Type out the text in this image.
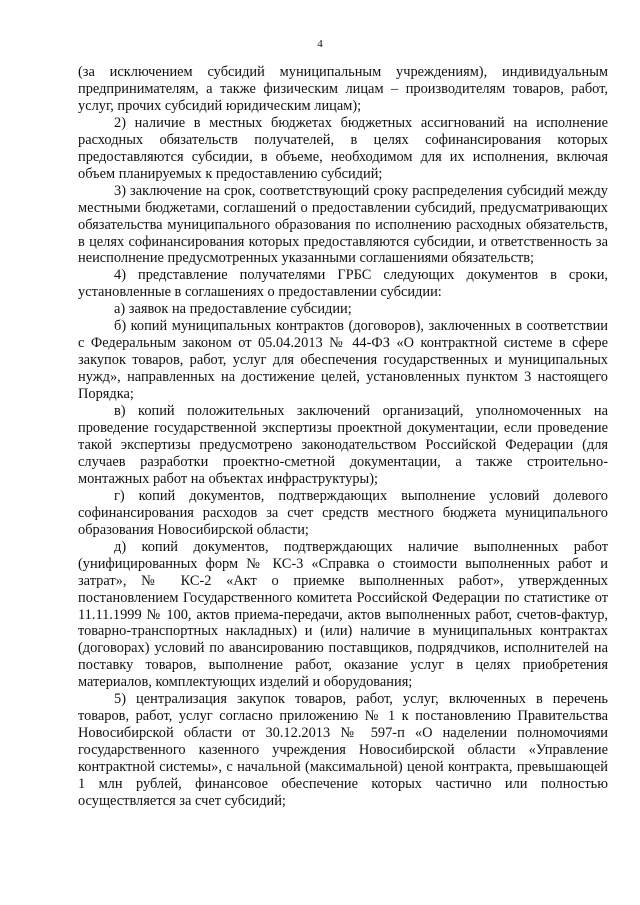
4

(за исключением субсидий муниципальным учреждениям), индивидуальным предпринимателям, а также физическим лицам – производителям товаров, работ, услуг, прочих субсидий юридическим лицам);

2) наличие в местных бюджетах бюджетных ассигнований на исполнение расходных обязательств получателей, в целях софинансирования которых предоставляются субсидии, в объеме, необходимом для их исполнения, включая объем планируемых к предоставлению субсидий;

3) заключение на срок, соответствующий сроку распределения субсидий между местными бюджетами, соглашений о предоставлении субсидий, предусматривающих обязательства муниципального образования по исполнению расходных обязательств, в целях софинансирования которых предоставляются субсидии, и ответственность за неисполнение предусмотренных указанными соглашениями обязательств;

4) представление получателями ГРБС следующих документов в сроки, установленные в соглашениях о предоставлении субсидии:

а) заявок на предоставление субсидии;

б) копий муниципальных контрактов (договоров), заключенных в соответствии с Федеральным законом от 05.04.2013 № 44-ФЗ «О контрактной системе в сфере закупок товаров, работ, услуг для обеспечения государственных и муниципальных нужд», направленных на достижение целей, установленных пунктом 3 настоящего Порядка;

в) копий положительных заключений организаций, уполномоченных на проведение государственной экспертизы проектной документации, если проведение такой экспертизы предусмотрено законодательством Российской Федерации (для случаев разработки проектно-сметной документации, а также строительно-монтажных работ на объектах инфраструктуры);

г) копий документов, подтверждающих выполнение условий долевого софинансирования расходов за счет средств местного бюджета муниципального образования Новосибирской области;

д) копий документов, подтверждающих наличие выполненных работ (унифицированных форм № КС-3 «Справка о стоимости выполненных работ и затрат», № КС-2 «Акт о приемке выполненных работ», утвержденных постановлением Государственного комитета Российской Федерации по статистике от 11.11.1999 № 100, актов приема-передачи, актов выполненных работ, счетов-фактур, товарно-транспортных накладных) и (или) наличие в муниципальных контрактах (договорах) условий по авансированию поставщиков, подрядчиков, исполнителей на поставку товаров, выполнение работ, оказание услуг в целях приобретения материалов, комплектующих изделий и оборудования;

5) централизация закупок товаров, работ, услуг, включенных в перечень товаров, работ, услуг согласно приложению № 1 к постановлению Правительства Новосибирской области от 30.12.2013 № 597-п «О наделении полномочиями государственного казенного учреждения Новосибирской области «Управление контрактной системы», с начальной (максимальной) ценой контракта, превышающей 1 млн рублей, финансовое обеспечение которых частично или полностью осуществляется за счет субсидий;
